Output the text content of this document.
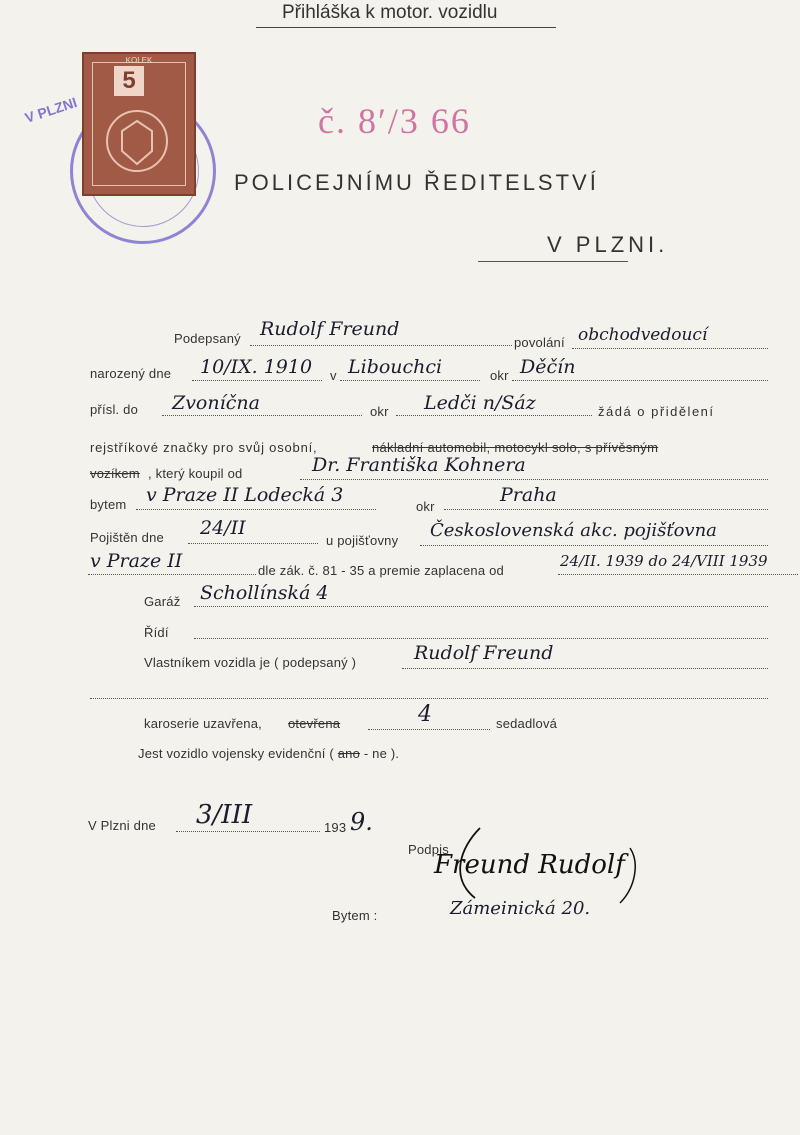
Přihláška k motor. vozidlu
V PLZNI
KOLEK
5
č. 8ʹ/3 66
POLICEJNÍMU ŘEDITELSTVÍ
V PLZNI.
Podepsaný Rudolf Freund
povolání obchodvedoucí
narozený dne 10/IX. 1910 v Libouchci	okr Děčín
přísl. do Zvoníčna	okr Ledči n/Sáz	žádá o přidělení
rejstříkové značky pro svůj osobní,	nákladní automobil, motocykl solo, s přívěsným
vozíkem , který koupil od	Dr. Františka Kohnera
bytem v Praze II Lodecká 3
okr
Praha
Pojištěn dne 24/II
u pojišťovny Československá akc. pojišťovna
v Praze II	dle zák. č. 81 - 35 a premie zaplacena od
24/II. 1939 do 24/VIII 1939
Garáž Schollínská 4
Řídí
Vlastníkem vozidla je ( podepsaný )	Rudolf Freund
karoserie uzavřena, otevřena	4	sedadlová
Jest vozidlo vojensky evidenční ( ano - ne ).
V Plzni dne 3/III	193 9.
Podpis
Freund Rudolf
Bytem :	Zámeinická 20.
